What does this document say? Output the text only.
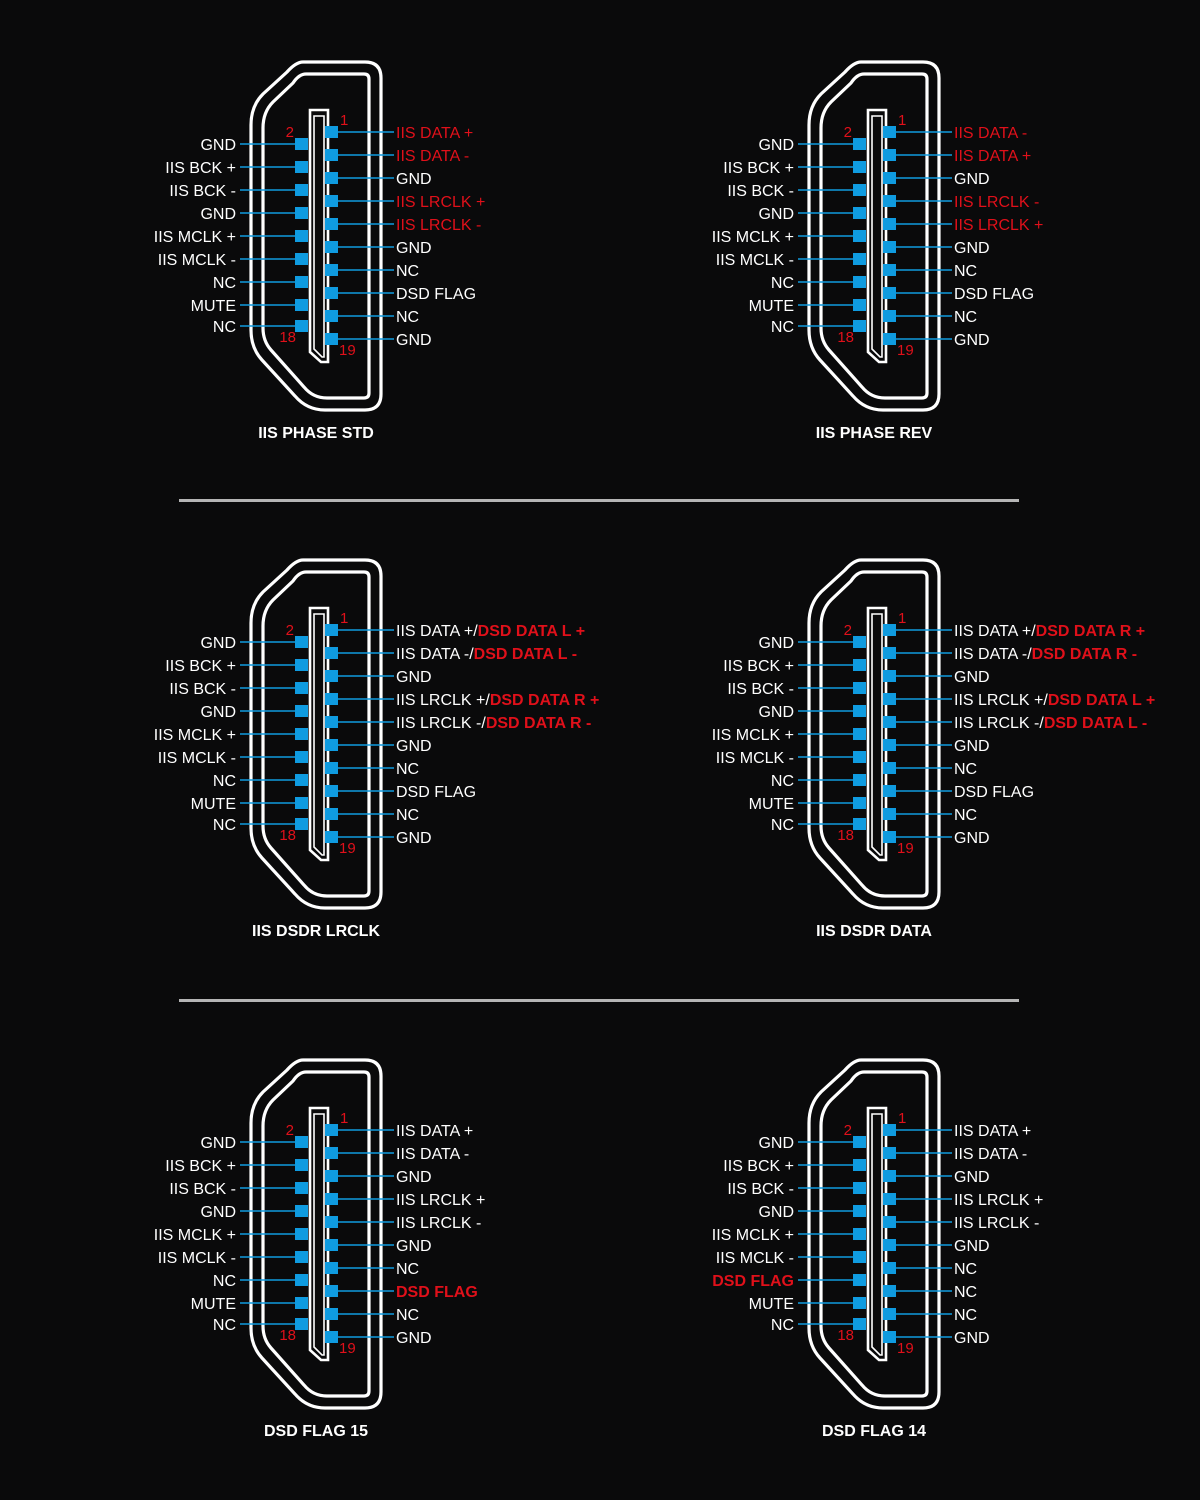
2
1
18
19
GND
IIS BCK +
IIS BCK -
GND
IIS MCLK +
IIS MCLK -
NC
MUTE
NC
IIS DATA +
IIS DATA -
GND
IIS LRCLK +
IIS LRCLK -
GND
NC
DSD FLAG
NC
GND
IIS PHASE STD
2
1
18
19
GND
IIS BCK +
IIS BCK -
GND
IIS MCLK +
IIS MCLK -
NC
MUTE
NC
IIS DATA -
IIS DATA +
GND
IIS LRCLK -
IIS LRCLK +
GND
NC
DSD FLAG
NC
GND
IIS PHASE REV
2
1
18
19
GND
IIS BCK +
IIS BCK -
GND
IIS MCLK +
IIS MCLK -
NC
MUTE
NC
IIS DATA +/DSD DATA L +
IIS DATA -/DSD DATA L -
GND
IIS LRCLK +/DSD DATA R +
IIS LRCLK -/DSD DATA R -
GND
NC
DSD FLAG
NC
GND
IIS DSDR LRCLK
2
1
18
19
GND
IIS BCK +
IIS BCK -
GND
IIS MCLK +
IIS MCLK -
NC
MUTE
NC
IIS DATA +/DSD DATA R +
IIS DATA -/DSD DATA R -
GND
IIS LRCLK +/DSD DATA L +
IIS LRCLK -/DSD DATA L -
GND
NC
DSD FLAG
NC
GND
IIS DSDR DATA
2
1
18
19
GND
IIS BCK +
IIS BCK -
GND
IIS MCLK +
IIS MCLK -
NC
MUTE
NC
IIS DATA +
IIS DATA -
GND
IIS LRCLK +
IIS LRCLK -
GND
NC
DSD FLAG
NC
GND
DSD FLAG 15
2
1
18
19
GND
IIS BCK +
IIS BCK -
GND
IIS MCLK +
IIS MCLK -
DSD FLAG
MUTE
NC
IIS DATA +
IIS DATA -
GND
IIS LRCLK +
IIS LRCLK -
GND
NC
NC
NC
GND
DSD FLAG 14
